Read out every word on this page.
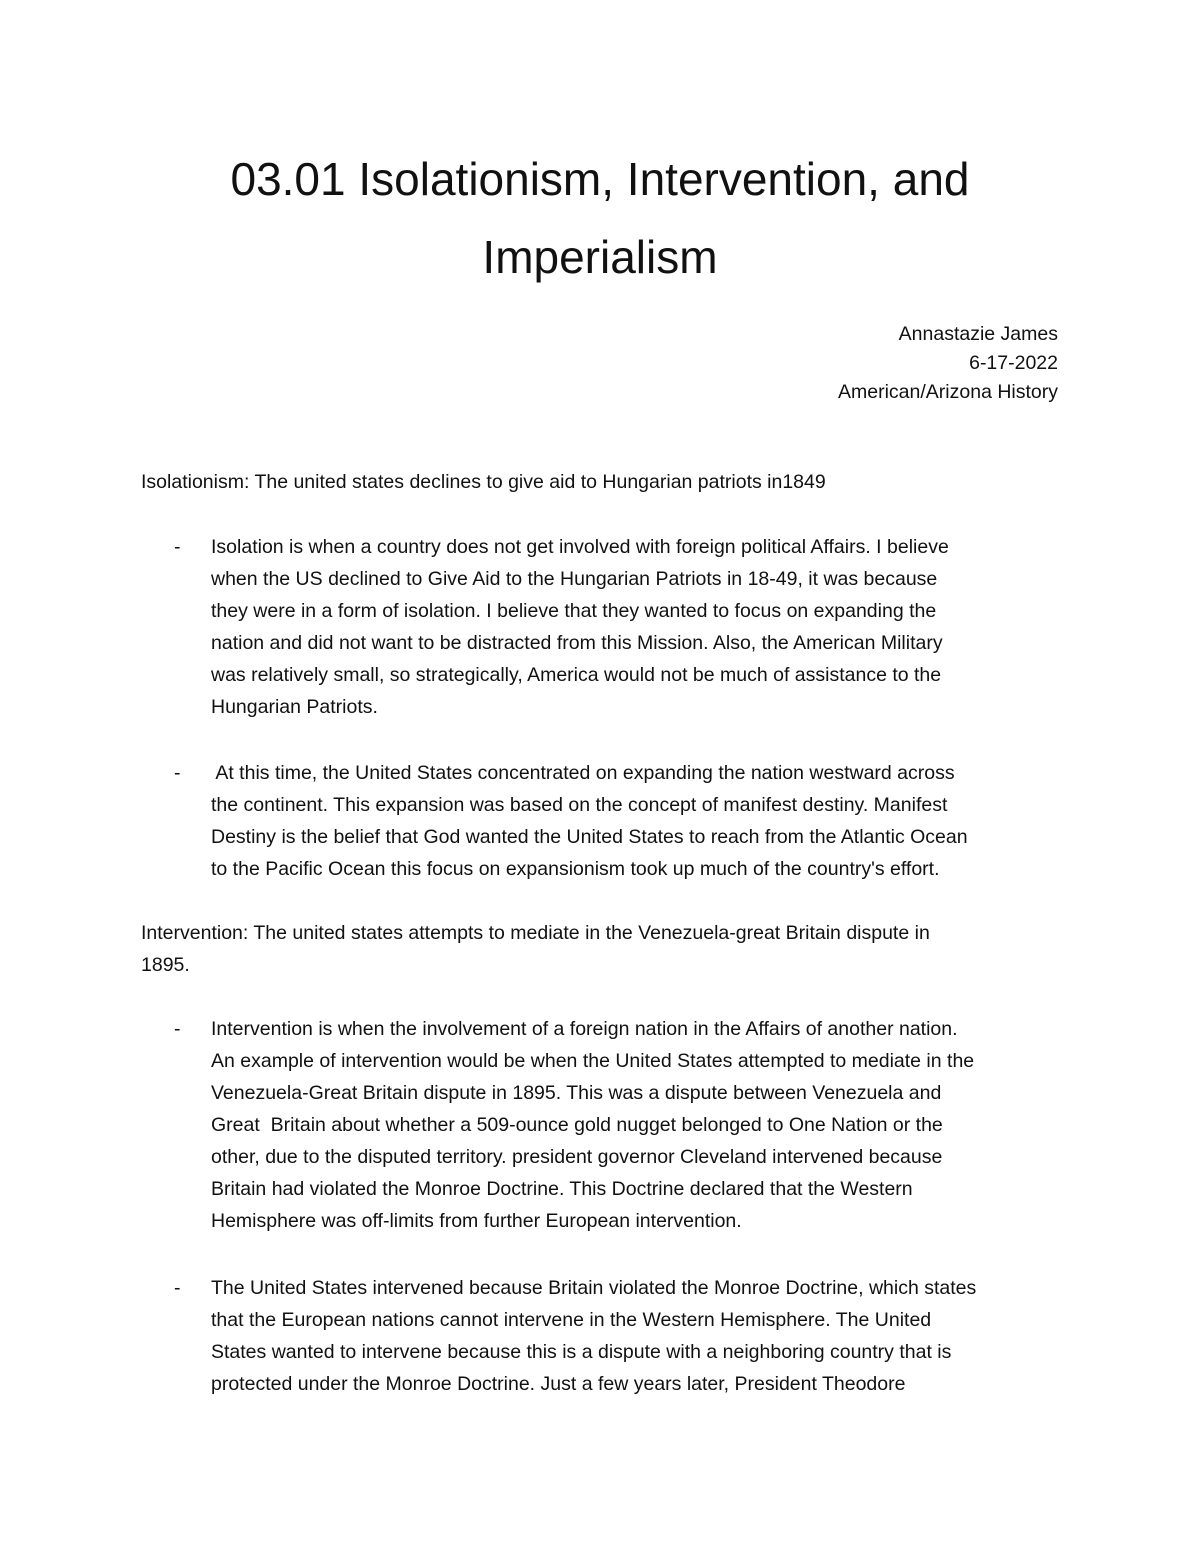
03.01 Isolationism, Intervention, and
Imperialism
Annastazie James
6-17-2022
American/Arizona History

Isolationism: The united states declines to give aid to Hungarian patriots in1849

- Isolation is when a country does not get involved with foreign political Affairs. I believe
when the US declined to Give Aid to the Hungarian Patriots in 18-49, it was because
they were in a form of isolation. I believe that they wanted to focus on expanding the
nation and did not want to be distracted from this Mission. Also, the American Military
was relatively small, so strategically, America would not be much of assistance to the
Hungarian Patriots.
- At this time, the United States concentrated on expanding the nation westward across
the continent. This expansion was based on the concept of manifest destiny. Manifest
Destiny is the belief that God wanted the United States to reach from the Atlantic Ocean
to the Pacific Ocean this focus on expansionism took up much of the country's effort.
Intervention: The united states attempts to mediate in the Venezuela-great Britain dispute in
1895.
- Intervention is when the involvement of a foreign nation in the Affairs of another nation.
An example of intervention would be when the United States attempted to mediate in the
Venezuela-Great Britain dispute in 1895. This was a dispute between Venezuela and
Great  Britain about whether a 509-ounce gold nugget belonged to One Nation or the
other, due to the disputed territory. president governor Cleveland intervened because
Britain had violated the Monroe Doctrine. This Doctrine declared that the Western
Hemisphere was off-limits from further European intervention.
- The United States intervened because Britain violated the Monroe Doctrine, which states
that the European nations cannot intervene in the Western Hemisphere. The United
States wanted to intervene because this is a dispute with a neighboring country that is
protected under the Monroe Doctrine. Just a few years later, President Theodore
